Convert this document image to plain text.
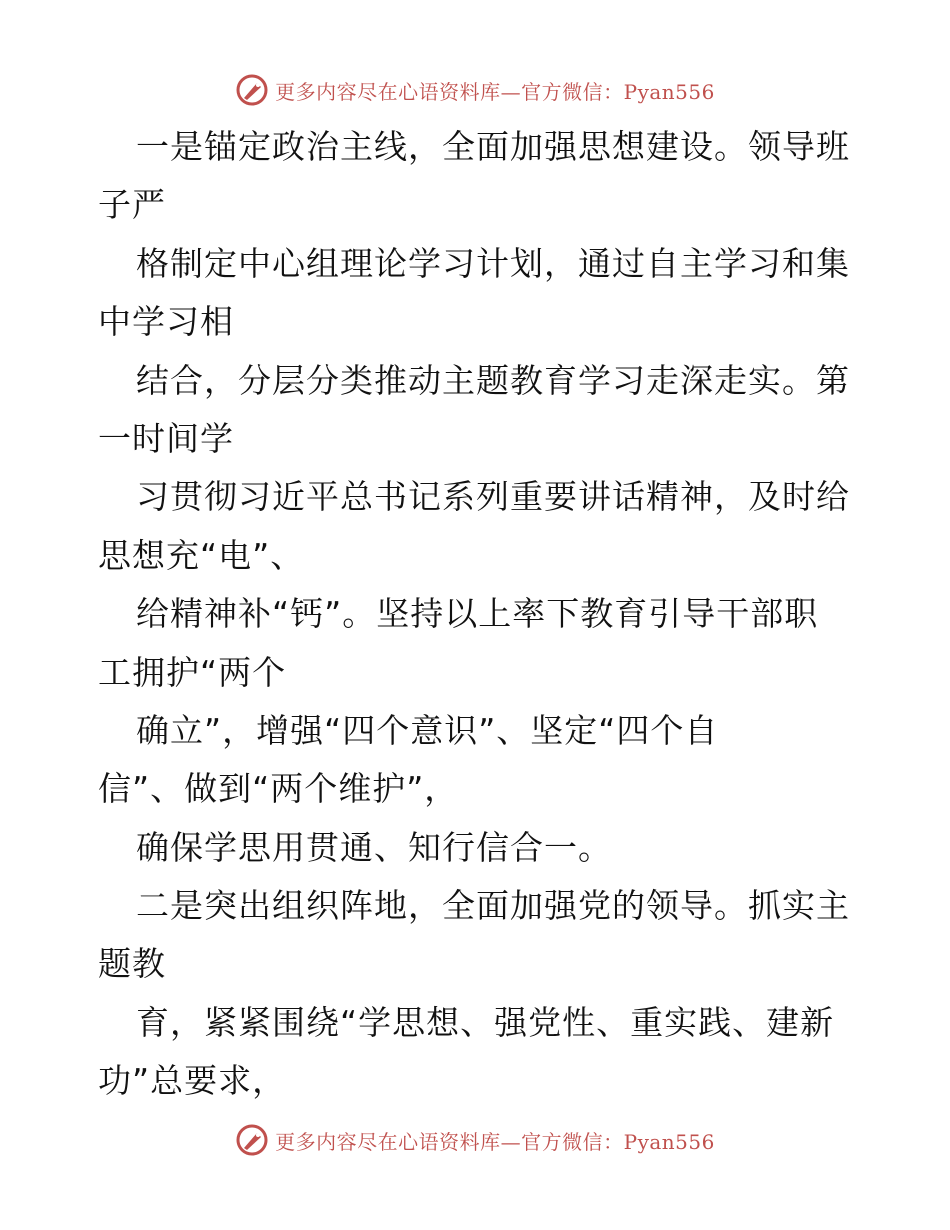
更多内容尽在心语资料库—官方微信：Pyan556
一是锚定政治主线，全面加强思想建设。领导班
子严
格制定中心组理论学习计划，通过自主学习和集
中学习相
结合，分层分类推动主题教育学习走深走实。第
一时间学
习贯彻习近平总书记系列重要讲话精神，及时给
思想充“电”、
给精神补“钙”。坚持以上率下教育引导干部职
工拥护“两个
确立”，增强“四个意识”、坚定“四个自
信”、做到“两个维护”，
确保学思用贯通、知行信合一。
二是突出组织阵地，全面加强党的领导。抓实主
题教
育，紧紧围绕“学思想、强党性、重实践、建新
功”总要求，
更多内容尽在心语资料库—官方微信：Pyan556
